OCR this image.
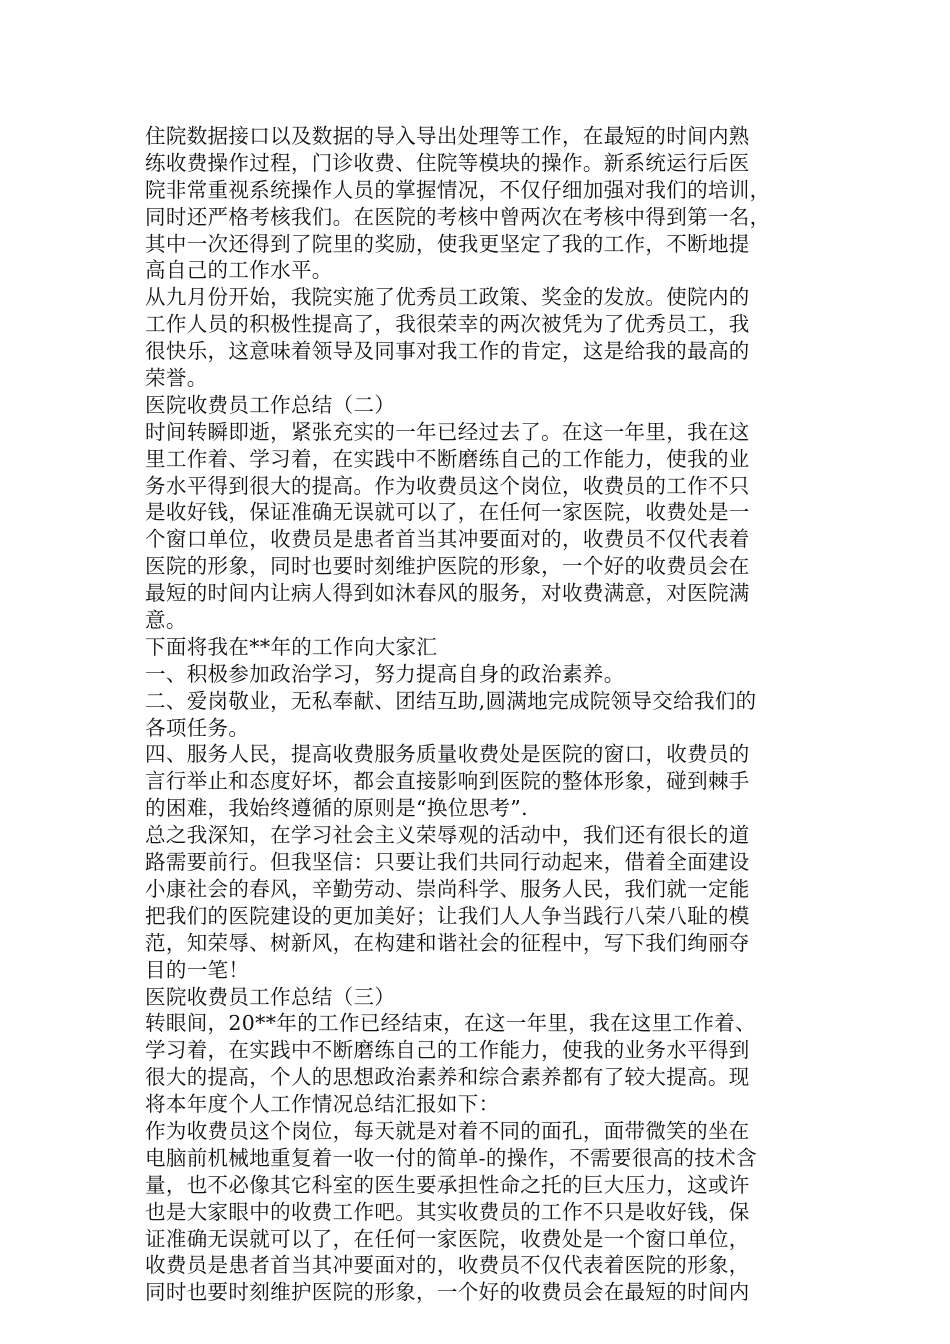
住院数据接口以及数据的导入导出处理等工作，在最短的时间内熟
练收费操作过程，门诊收费、住院等模块的操作。新系统运行后医
院非常重视系统操作人员的掌握情况，不仅仔细加强对我们的培训，
同时还严格考核我们。在医院的考核中曾两次在考核中得到第一名，
其中一次还得到了院里的奖励，使我更坚定了我的工作，不断地提
高自己的工作水平。
从九月份开始，我院实施了优秀员工政策、奖金的发放。使院内的
工作人员的积极性提高了，我很荣幸的两次被凭为了优秀员工，我
很快乐，这意味着领导及同事对我工作的肯定，这是给我的最高的
荣誉。
医院收费员工作总结（二）
时间转瞬即逝，紧张充实的一年已经过去了。在这一年里，我在这
里工作着、学习着，在实践中不断磨练自己的工作能力，使我的业
务水平得到很大的提高。作为收费员这个岗位，收费员的工作不只
是收好钱，保证准确无误就可以了，在任何一家医院，收费处是一
个窗口单位，收费员是患者首当其冲要面对的，收费员不仅代表着
医院的形象，同时也要时刻维护医院的形象，一个好的收费员会在
最短的时间内让病人得到如沐春风的服务，对收费满意，对医院满
意。
下面将我在**年的工作向大家汇
一、积极参加政治学习，努力提高自身的政治素养。
二、爱岗敬业，无私奉献、团结互助,圆满地完成院领导交给我们的
各项任务。
四、服务人民，提高收费服务质量收费处是医院的窗口，收费员的
言行举止和态度好坏，都会直接影响到医院的整体形象，碰到棘手
的困难，我始终遵循的原则是“换位思考”.
总之我深知，在学习社会主义荣辱观的活动中，我们还有很长的道
路需要前行。但我坚信：只要让我们共同行动起来，借着全面建设
小康社会的春风，辛勤劳动、崇尚科学、服务人民，我们就一定能
把我们的医院建设的更加美好；让我们人人争当践行八荣八耻的模
范，知荣辱、树新风，在构建和谐社会的征程中，写下我们绚丽夺
目的一笔！
医院收费员工作总结（三）
转眼间，20**年的工作已经结束，在这一年里，我在这里工作着、
学习着，在实践中不断磨练自己的工作能力，使我的业务水平得到
很大的提高，个人的思想政治素养和综合素养都有了较大提高。现
将本年度个人工作情况总结汇报如下：
作为收费员这个岗位，每天就是对着不同的面孔，面带微笑的坐在
电脑前机械地重复着一收一付的简单-的操作，不需要很高的技术含
量，也不必像其它科室的医生要承担性命之托的巨大压力，这或许
也是大家眼中的收费工作吧。其实收费员的工作不只是收好钱，保
证准确无误就可以了，在任何一家医院，收费处是一个窗口单位，
收费员是患者首当其冲要面对的，收费员不仅代表着医院的形象，
同时也要时刻维护医院的形象，一个好的收费员会在最短的时间内
